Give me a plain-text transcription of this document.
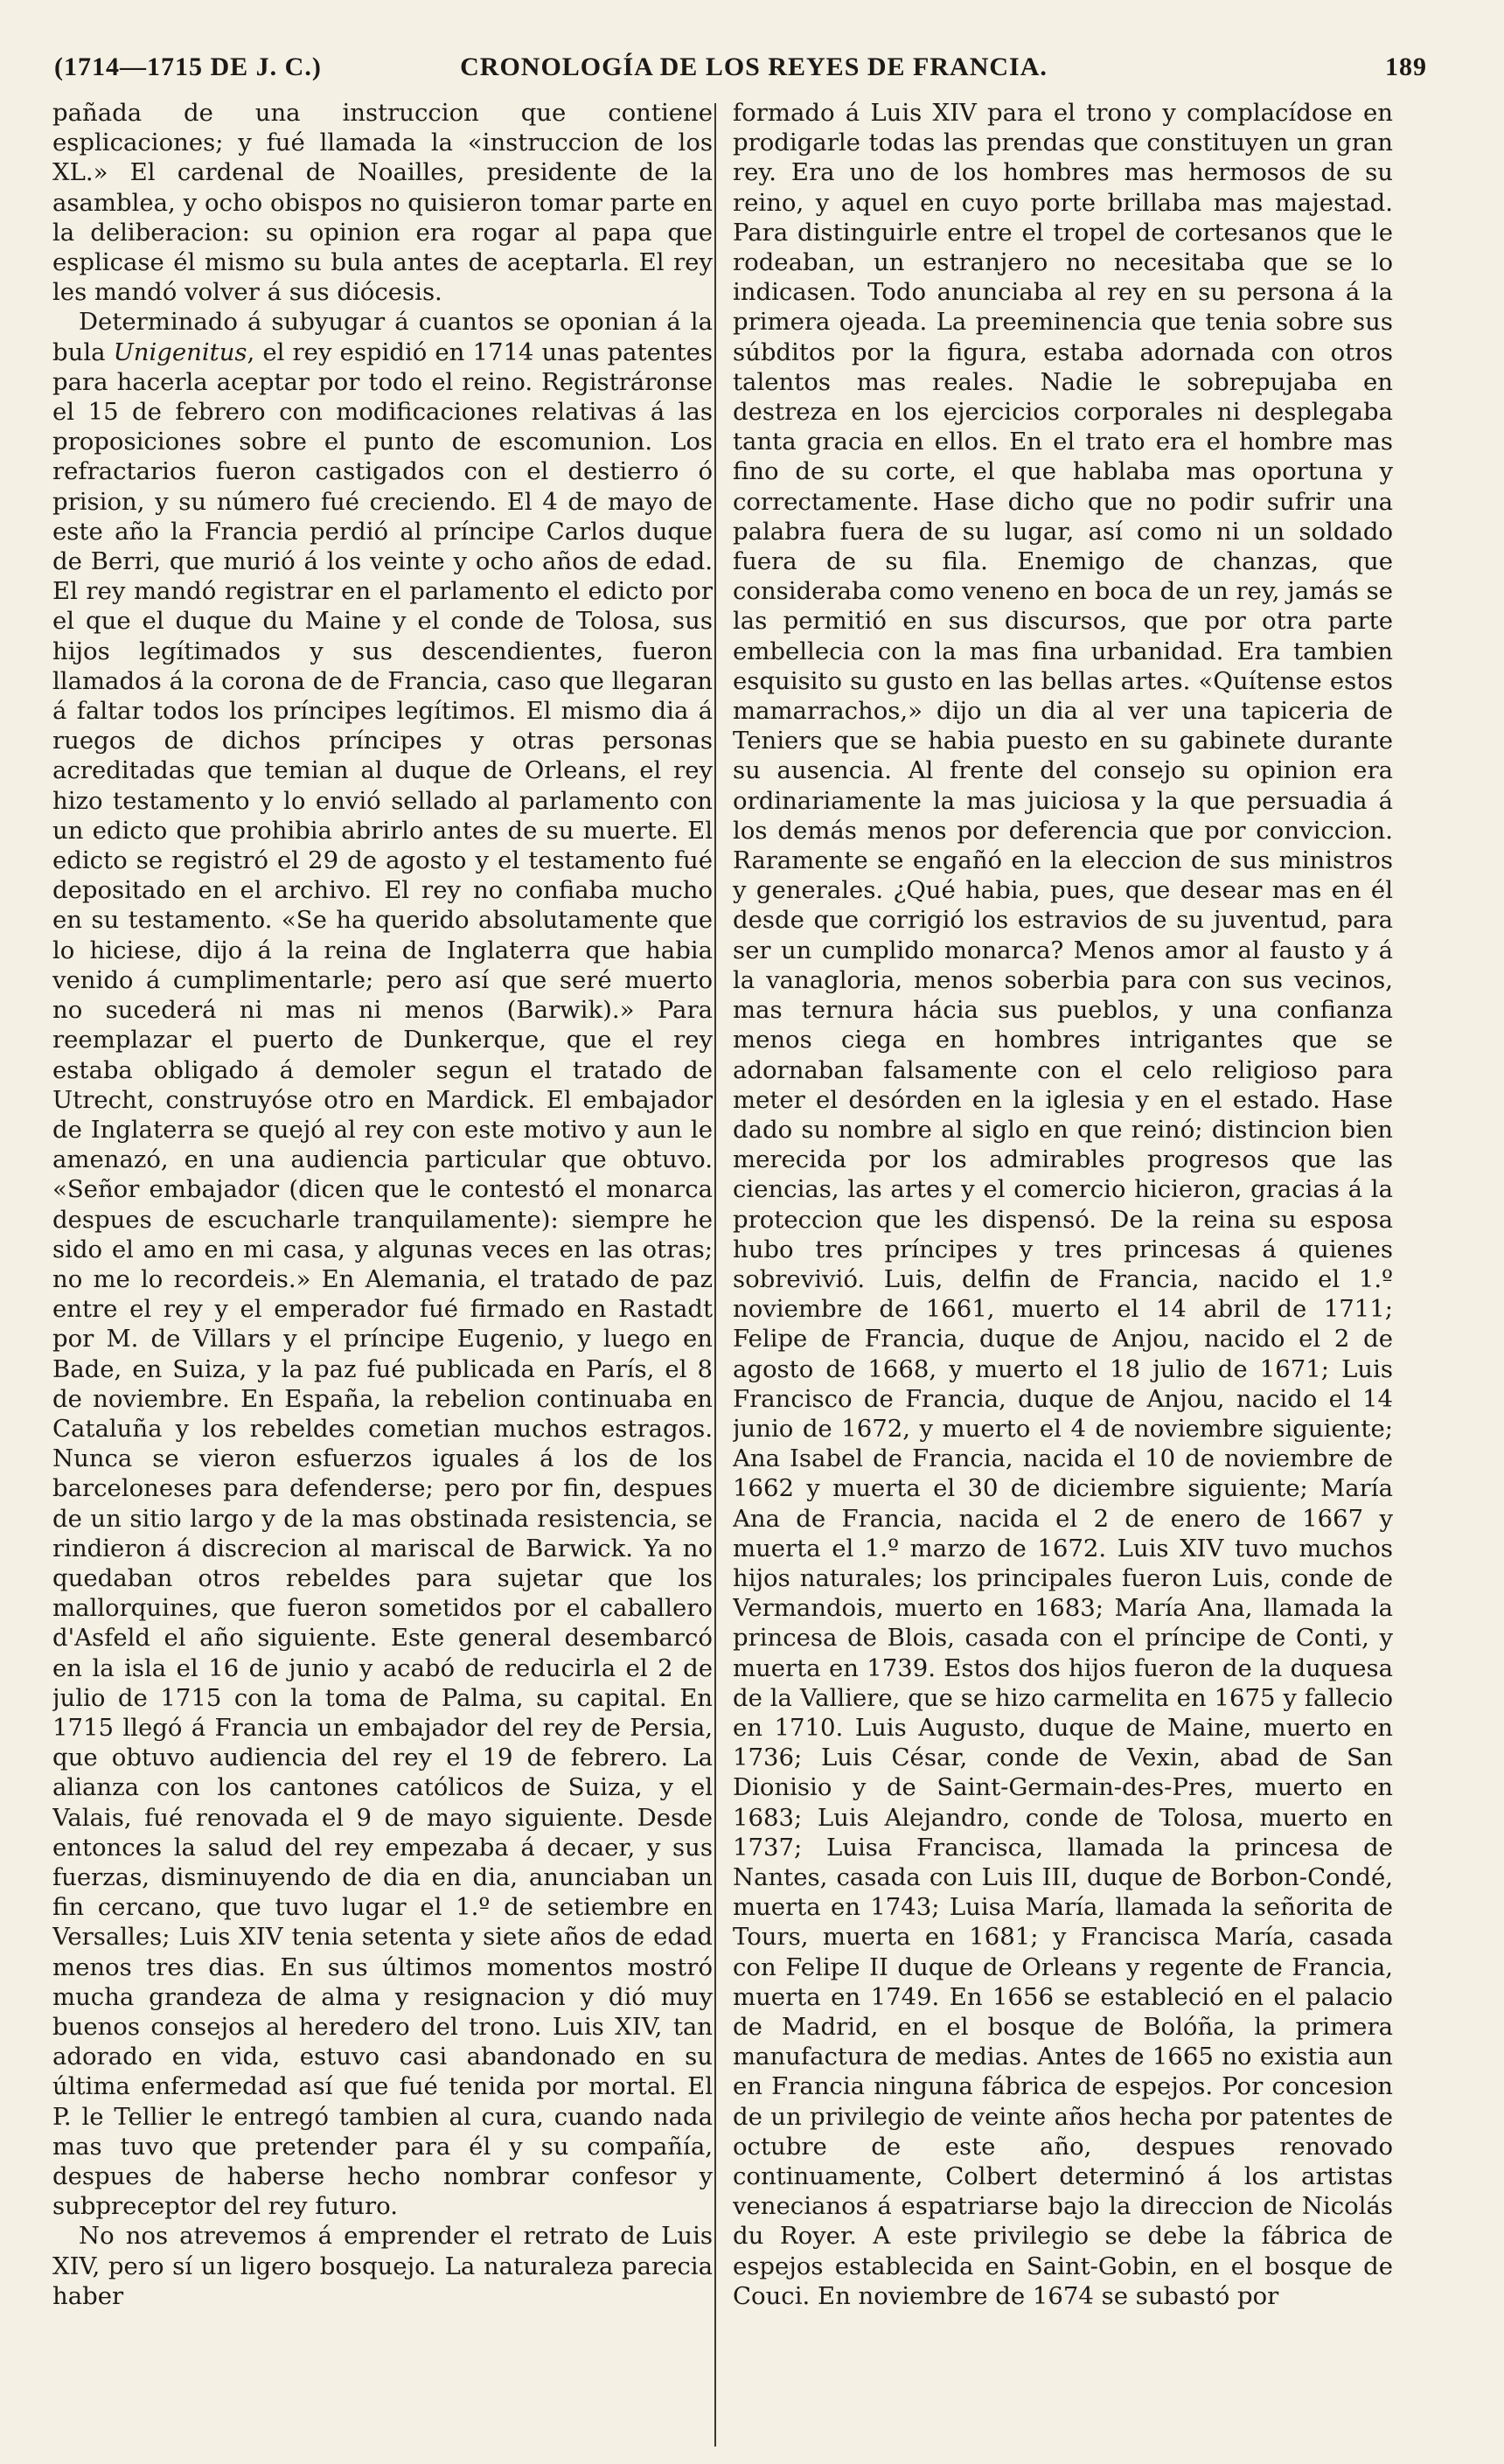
(1714—1715 DE J. C.)	CRONOLOGÍA DE LOS REYES DE FRANCIA.	189

pañada de una instruccion que contiene esplicaciones; y fué llamada la «instruccion de los XL.» El cardenal de Noailles, presidente de la asamblea, y ocho obispos no quisieron tomar parte en la deliberacion: su opinion era rogar al papa que esplicase él mismo su bula antes de aceptarla. El rey les mandó volver á sus diócesis.

Determinado á subyugar á cuantos se oponian á la bula Unigenitus, el rey espidió en 1714 unas patentes para hacerla aceptar por todo el reino. Registráronse el 15 de febrero con modificaciones relativas á las proposiciones sobre el punto de escomunion. Los refractarios fueron castigados con el destierro ó prision, y su número fué creciendo. El 4 de mayo de este año la Francia perdió al príncipe Carlos duque de Berri, que murió á los veinte y ocho años de edad. El rey mandó registrar en el parlamento el edicto por el que el duque du Maine y el conde de Tolosa, sus hijos legítimados y sus descendientes, fueron llamados á la corona de de Francia, caso que llegaran á faltar todos los príncipes legítimos. El mismo dia á ruegos de dichos príncipes y otras personas acreditadas que temian al duque de Orleans, el rey hizo testamento y lo envió sellado al parlamento con un edicto que prohibia abrirlo antes de su muerte. El edicto se registró el 29 de agosto y el testamento fué depositado en el archivo. El rey no confiaba mucho en su testamento. «Se ha querido absolutamente que lo hiciese, dijo á la reina de Inglaterra que habia venido á cumplimentarle; pero así que seré muerto no sucederá ni mas ni menos (Barwik).» Para reemplazar el puerto de Dunkerque, que el rey estaba obligado á demoler segun el tratado de Utrecht, construyóse otro en Mardick. El embajador de Inglaterra se quejó al rey con este motivo y aun le amenazó, en una audiencia particular que obtuvo. «Señor embajador (dicen que le contestó el monarca despues de escucharle tranquilamente): siempre he sido el amo en mi casa, y algunas veces en las otras; no me lo recordeis.» En Alemania, el tratado de paz entre el rey y el emperador fué firmado en Rastadt por M. de Villars y el príncipe Eugenio, y luego en Bade, en Suiza, y la paz fué publicada en París, el 8 de noviembre. En España, la rebelion continuaba en Cataluña y los rebeldes cometian muchos estragos. Nunca se vieron esfuerzos iguales á los de los barceloneses para defenderse; pero por fin, despues de un sitio largo y de la mas obstinada resistencia, se rindieron á discrecion al mariscal de Barwick. Ya no quedaban otros rebeldes para sujetar que los mallorquines, que fueron sometidos por el caballero d'Asfeld el año siguiente. Este general desembarcó en la isla el 16 de junio y acabó de reducirla el 2 de julio de 1715 con la toma de Palma, su capital. En 1715 llegó á Francia un embajador del rey de Persia, que obtuvo audiencia del rey el 19 de febrero. La alianza con los cantones católicos de Suiza, y el Valais, fué renovada el 9 de mayo siguiente. Desde entonces la salud del rey empezaba á decaer, y sus fuerzas, disminuyendo de dia en dia, anunciaban un fin cercano, que tuvo lugar el 1.º de setiembre en Versalles; Luis XIV tenia setenta y siete años de edad menos tres dias. En sus últimos momentos mostró mucha grandeza de alma y resignacion y dió muy buenos consejos al heredero del trono. Luis XIV, tan adorado en vida, estuvo casi abandonado en su última enfermedad así que fué tenida por mortal. El P. le Tellier le entregó tambien al cura, cuando nada mas tuvo que pretender para él y su compañía, despues de haberse hecho nombrar confesor y subpreceptor del rey futuro.

No nos atrevemos á emprender el retrato de Luis XIV, pero sí un ligero bosquejo. La naturaleza parecia haber

formado á Luis XIV para el trono y complacídose en prodigarle todas las prendas que constituyen un gran rey. Era uno de los hombres mas hermosos de su reino, y aquel en cuyo porte brillaba mas majestad. Para distinguirle entre el tropel de cortesanos que le rodeaban, un estranjero no necesitaba que se lo indicasen. Todo anunciaba al rey en su persona á la primera ojeada. La preeminencia que tenia sobre sus súbditos por la figura, estaba adornada con otros talentos mas reales. Nadie le sobrepujaba en destreza en los ejercicios corporales ni desplegaba tanta gracia en ellos. En el trato era el hombre mas fino de su corte, el que hablaba mas oportuna y correctamente. Hase dicho que no podir sufrir una palabra fuera de su lugar, así como ni un soldado fuera de su fila. Enemigo de chanzas, que consideraba como veneno en boca de un rey, jamás se las permitió en sus discursos, que por otra parte embellecia con la mas fina urbanidad. Era tambien esquisito su gusto en las bellas artes. «Quítense estos mamarrachos,» dijo un dia al ver una tapiceria de Teniers que se habia puesto en su gabinete durante su ausencia. Al frente del consejo su opinion era ordinariamente la mas juiciosa y la que persuadia á los demás menos por deferencia que por conviccion. Raramente se engañó en la eleccion de sus ministros y generales. ¿Qué habia, pues, que desear mas en él desde que corrigió los estravios de su juventud, para ser un cumplido monarca? Menos amor al fausto y á la vanagloria, menos soberbia para con sus vecinos, mas ternura hácia sus pueblos, y una confianza menos ciega en hombres intrigantes que se adornaban falsamente con el celo religioso para meter el desórden en la iglesia y en el estado. Hase dado su nombre al siglo en que reinó; distincion bien merecida por los admirables progresos que las ciencias, las artes y el comercio hicieron, gracias á la proteccion que les dispensó. De la reina su esposa hubo tres príncipes y tres princesas á quienes sobrevivió. Luis, delfin de Francia, nacido el 1.º noviembre de 1661, muerto el 14 abril de 1711; Felipe de Francia, duque de Anjou, nacido el 2 de agosto de 1668, y muerto el 18 julio de 1671; Luis Francisco de Francia, duque de Anjou, nacido el 14 junio de 1672, y muerto el 4 de noviembre siguiente; Ana Isabel de Francia, nacida el 10 de noviembre de 1662 y muerta el 30 de diciembre siguiente; María Ana de Francia, nacida el 2 de enero de 1667 y muerta el 1.º marzo de 1672. Luis XIV tuvo muchos hijos naturales; los principales fueron Luis, conde de Vermandois, muerto en 1683; María Ana, llamada la princesa de Blois, casada con el príncipe de Conti, y muerta en 1739. Estos dos hijos fueron de la duquesa de la Valliere, que se hizo carmelita en 1675 y fallecio en 1710. Luis Augusto, duque de Maine, muerto en 1736; Luis César, conde de Vexin, abad de San Dionisio y de Saint-Germain-des-Pres, muerto en 1683; Luis Alejandro, conde de Tolosa, muerto en 1737; Luisa Francisca, llamada la princesa de Nantes, casada con Luis III, duque de Borbon-Condé, muerta en 1743; Luisa María, llamada la señorita de Tours, muerta en 1681; y Francisca María, casada con Felipe II duque de Orleans y regente de Francia, muerta en 1749. En 1656 se estableció en el palacio de Madrid, en el bosque de Bolóña, la primera manufactura de medias. Antes de 1665 no existia aun en Francia ninguna fábrica de espejos. Por concesion de un privilegio de veinte años hecha por patentes de octubre de este año, despues renovado continuamente, Colbert determinó á los artistas venecianos á espatriarse bajo la direccion de Nicolás du Royer. A este privilegio se debe la fábrica de espejos establecida en Saint-Gobin, en el bosque de Couci. En noviembre de 1674 se subastó por
